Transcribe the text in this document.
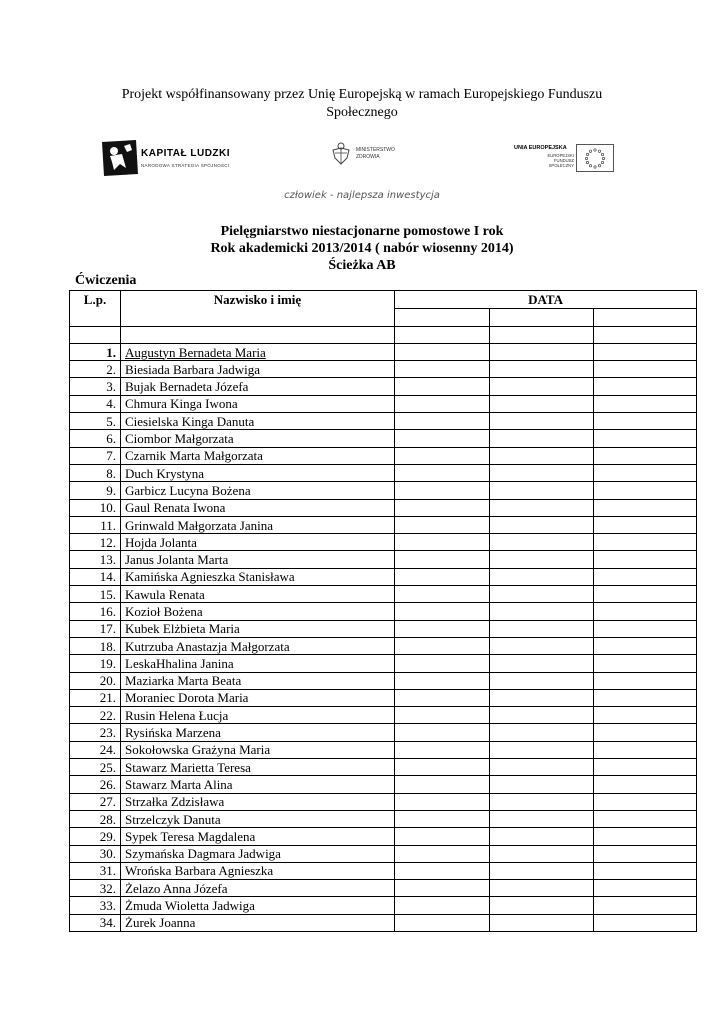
Projekt współfinansowany przez Unię Europejską w ramach Europejskiego Funduszu
Społecznego
KAPITAŁ LUDZKI
NARODOWA STRATEGIA SPÓJNOŚCI
MINISTERSTWO
ZDROWIA
UNIA EUROPEJSKA
EUROPEJSKI
FUNDUSZ SPOŁECZNY
człowiek - najlepsza inwestycja
Pielęgniarstwo niestacjonarne pomostowe I rok
Rok akademicki 2013/2014 ( nabór wiosenny 2014)
Ścieżka AB
Ćwiczenia
L.p.	Nazwisko i imię	DATA		

1.	Augustyn Bernadeta Maria			
2.	Biesiada Barbara Jadwiga			
3.	Bujak Bernadeta Józefa			
4.	Chmura Kinga Iwona			
5.	Ciesielska Kinga Danuta			
6.	Ciombor Małgorzata			
7.	Czarnik Marta Małgorzata			
8.	Duch Krystyna			
9.	Garbicz Lucyna Bożena			
10.	Gaul Renata Iwona			
11.	Grinwald Małgorzata Janina			
12.	Hojda Jolanta			
13.	Janus Jolanta Marta			
14.	Kamińska Agnieszka Stanisława			
15.	Kawula Renata			
16.	Kozioł Bożena			
17.	Kubek Elżbieta Maria			
18.	Kutrzuba Anastazja Małgorzata			
19.	LeskaHhalina Janina			
20.	Maziarka Marta Beata			
21.	Moraniec Dorota Maria			
22.	Rusin Helena Łucja			
23.	Rysińska Marzena			
24.	Sokołowska Grażyna Maria			
25.	Stawarz Marietta Teresa			
26.	Stawarz Marta Alina			
27.	Strzałka Zdzisława			
28.	Strzelczyk Danuta			
29.	Sypek Teresa Magdalena			
30.	Szymańska Dagmara Jadwiga			
31.	Wrońska Barbara Agnieszka			
32.	Żelazo Anna Józefa			
33.	Żmuda Wioletta Jadwiga			
34.	Żurek Joanna			
